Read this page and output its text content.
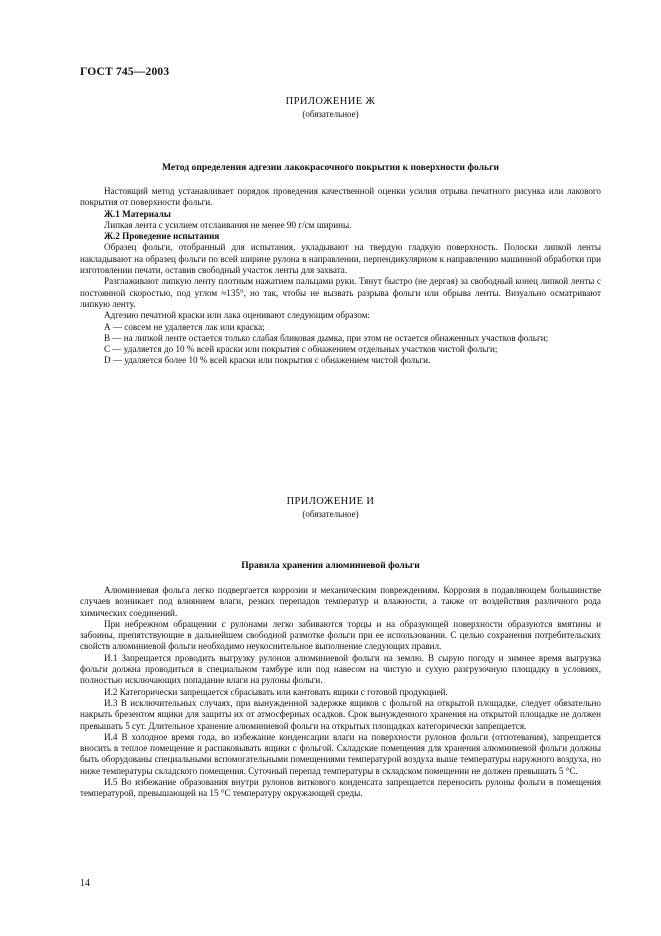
ГОСТ 745—2003
ПРИЛОЖЕНИЕ Ж
(обязательное)
Метод определения адгезии лакокрасочного покрытия к поверхности фольги

Настоящий метод устанавливает порядок проведения качественной оценки усилия отрыва печатного рисунка или лакового покрытия от поверхности фольги.

Ж.1 Материалы

Липкая лента с усилием отслаивания не менее 90 г/см ширины.

Ж.2 Проведение испытания

Образец фольги, отобранный для испытания, укладывают на твердую гладкую поверхность. Полоски липкой ленты накладывают на образец фольги по всей ширине рулона в направлении, перпендикулярном к направлению машинной обработки при изготовлении печати, оставив свободный участок ленты для захвата.

Разглаживают липкую ленту плотным нажатием пальцами руки. Тянут быстро (не дергая) за свободный конец липкой ленты с постоянной скоростью, под углом ≈135°, но так, чтобы не вызвать разрыва фольги или обрыва ленты. Визуально осматривают липкую ленту.

Адгезию печатной краски или лака оценивают следующим образом:

А — совсем не удаляется лак или краска;

В — на липкой ленте остается только слабая бликовая дымка, при этом не остается обнаженных участков фольги;

С — удаляется до 10 % всей краски или покрытия с обнажением отдельных участков чистой фольги;

D — удаляется более 10 % всей краски или покрытия с обнажением чистой фольги.

ПРИЛОЖЕНИЕ И
(обязательное)
Правила хранения алюминиевой фольги

Алюминиевая фольга легко подвергается коррозии и механическим повреждениям. Коррозия в подавляющем большинстве случаев возникает под влиянием влаги, резких перепадов температур и влажности, а также от воздействия различного рода химических соединений.

При небрежном обращении с рулонами легко забиваются торцы и на образующей поверхности образуются вмятины и забоины, препятствующие в дальнейшем свободной размотке фольги при ее использовании. С целью сохранения потребительских свойств алюминиевой фольги необходимо неукоснительное выполнение следующих правил.

И.1 Запрещается проводить выгрузку рулонов алюминиевой фольги на землю. В сырую погоду и зимнее время выгрузка фольги должна проводиться в специальном тамбуре или под навесом на чистую и сухую разгрузочную площадку в условиях, полностью исключающих попадание влаги на рулоны фольги.

И.2 Категорически запрещается сбрасывать или кантовать ящики с готовой продукцией.

И.3 В исключительных случаях, при вынужденной задержке ящиков с фольгой на открытой площадке, следует обязательно накрыть брезентом ящики для защиты их от атмосферных осадков. Срок вынужденного хранения на открытой площадке не должен превышать 5 сут. Длительное хранение алюминиевой фольги на открытых площадках категорически запрещается.

И.4 В холодное время года, во избежание конденсации влаги на поверхности рулонов фольги (отпотевания), запрещается вносить в теплое помещение и распаковывать ящики с фольгой. Складские помещения для хранения алюминиевой фольги должны быть оборудованы специальными вспомогательными помещениями температурой воздуха выше температуры наружного воздуха, но ниже температуры складского помещения. Суточный перепад температуры в складском помещении не должен превышать 5 °С.

И.5 Во избежание образования внутри рулонов виткового конденсата запрещается переносить рулоны фольги в помещения температурой, превышающей на 15 °С температуру окружающей среды.

14
